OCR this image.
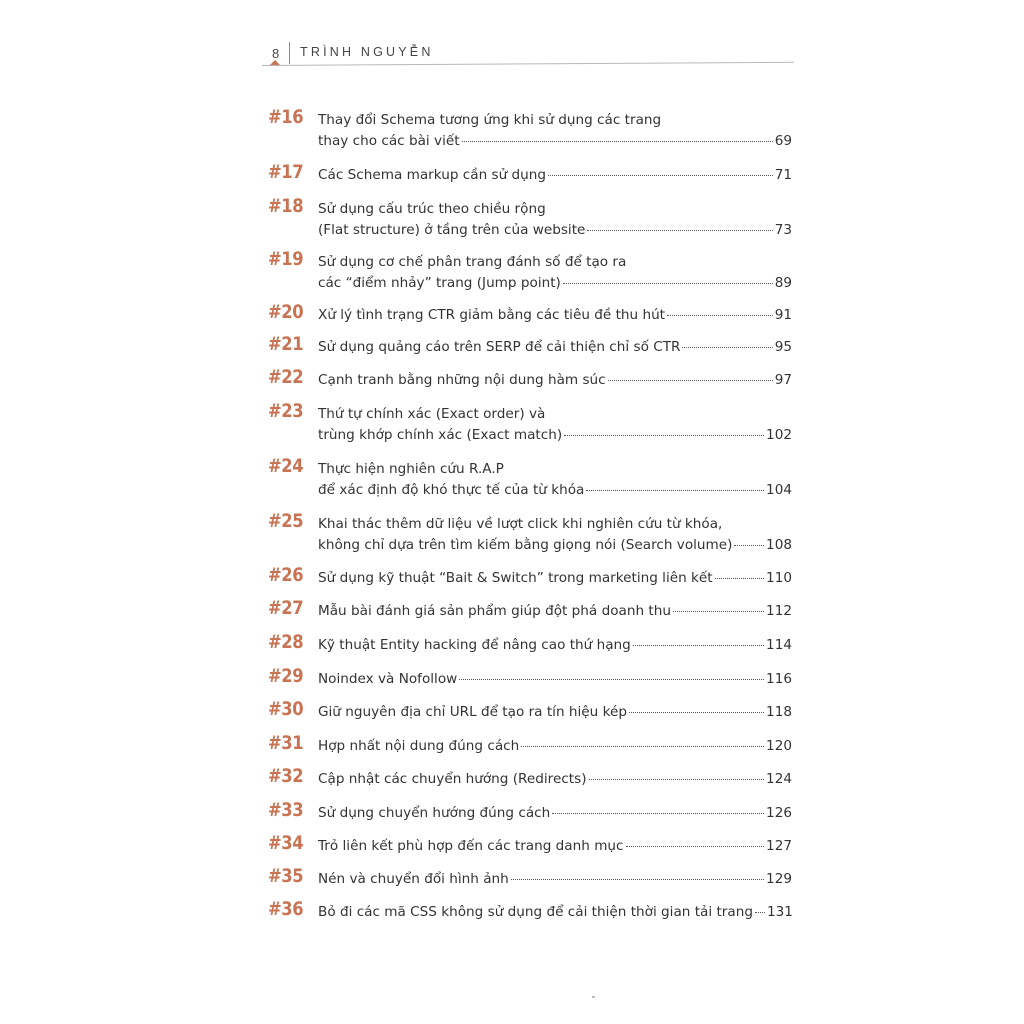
8 TRÌNH NGUYỄN
#16 Thay đổi Schema tương ứng khi sử dụng các trang
thay cho các bài viết	69
#17 Các Schema markup cần sử dụng	71
#18 Sử dụng cấu trúc theo chiều rộng
(Flat structure) ở tầng trên của website	73
#19 Sử dụng cơ chế phân trang đánh số để tạo ra
các “điểm nhảy” trang (Jump point)	89
#20 Xử lý tình trạng CTR giảm bằng các tiêu đề thu hút	91
#21 Sử dụng quảng cáo trên SERP để cải thiện chỉ số CTR	95
#22 Cạnh tranh bằng những nội dung hàm súc	97
#23 Thứ tự chính xác (Exact order) và
trùng khớp chính xác (Exact match)	102
#24 Thực hiện nghiên cứu R.A.P
để xác định độ khó thực tế của từ khóa	104
#25 Khai thác thêm dữ liệu về lượt click khi nghiên cứu từ khóa,
không chỉ dựa trên tìm kiếm bằng giọng nói (Search volume) 108
#26 Sử dụng kỹ thuật “Bait & Switch” trong marketing liên kết	110
#27 Mẫu bài đánh giá sản phẩm giúp đột phá doanh thu	112
#28 Kỹ thuật Entity hacking để nâng cao thứ hạng	114
#29 Noindex và Nofollow	116
#30 Giữ nguyên địa chỉ URL để tạo ra tín hiệu kép	118
#31 Hợp nhất nội dung đúng cách	120
#32 Cập nhật các chuyển hướng (Redirects)	124
#33 Sử dụng chuyển hướng đúng cách	126
#34 Trỏ liên kết phù hợp đến các trang danh mục	127
#35 Nén và chuyển đổi hình ảnh	129
#36 Bỏ đi các mã CSS không sử dụng để cải thiện thời gian tải trang 131
